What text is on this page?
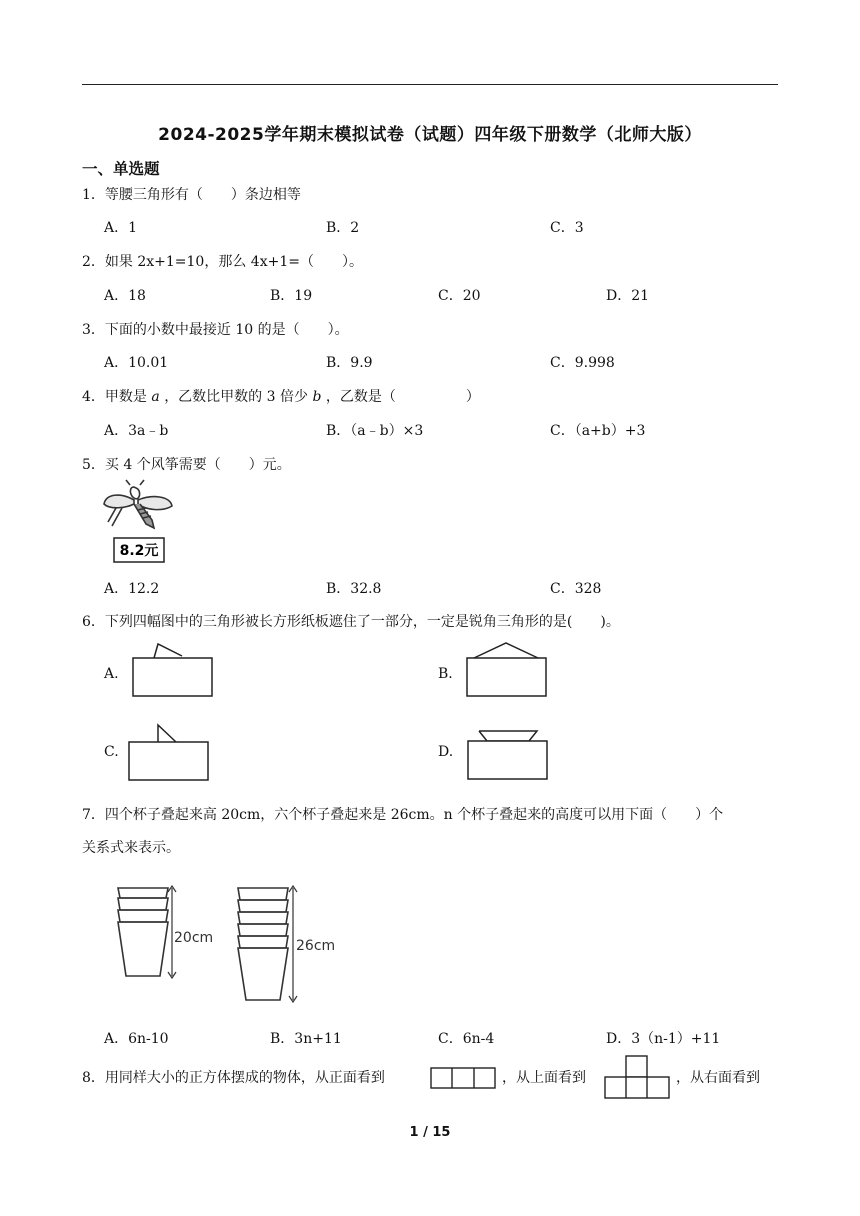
2024-2025学年期末模拟试卷（试题）四年级下册数学（北师大版）
一、单选题
1．等腰三角形有（　　）条边相等
A．1	B．2	C．3
2．如果 2x+1=10，那么 4x+1=（　　）。
A．18	B．19	C．20	D．21
3．下面的小数中最接近 10 的是（　　）。
A．10.01	B．9.9	C．9.998
4．甲数是 a ，乙数比甲数的 3 倍少 b ，乙数是（　　　　　）
A．3a﹣b	B．（a﹣b）×3	C．（a+b）+3
5．买 4 个风筝需要（　　）元。
8.2元
A．12.2	B．32.8	C．328
6．下列四幅图中的三角形被长方形纸板遮住了一部分，一定是锐角三角形的是(　　)。
A.	B.
C.	D.
7．四个杯子叠起来高 20cm，六个杯子叠起来是 26cm。n 个杯子叠起来的高度可以用下面（　　）个
关系式来表示。
20cm	26cm
A．6n-10	B．3n+11	C．6n-4	D．3（n-1）+11
8．用同样大小的正方体摆成的物体，从正面看到	，从上面看到	，从右面看到
1 / 15
